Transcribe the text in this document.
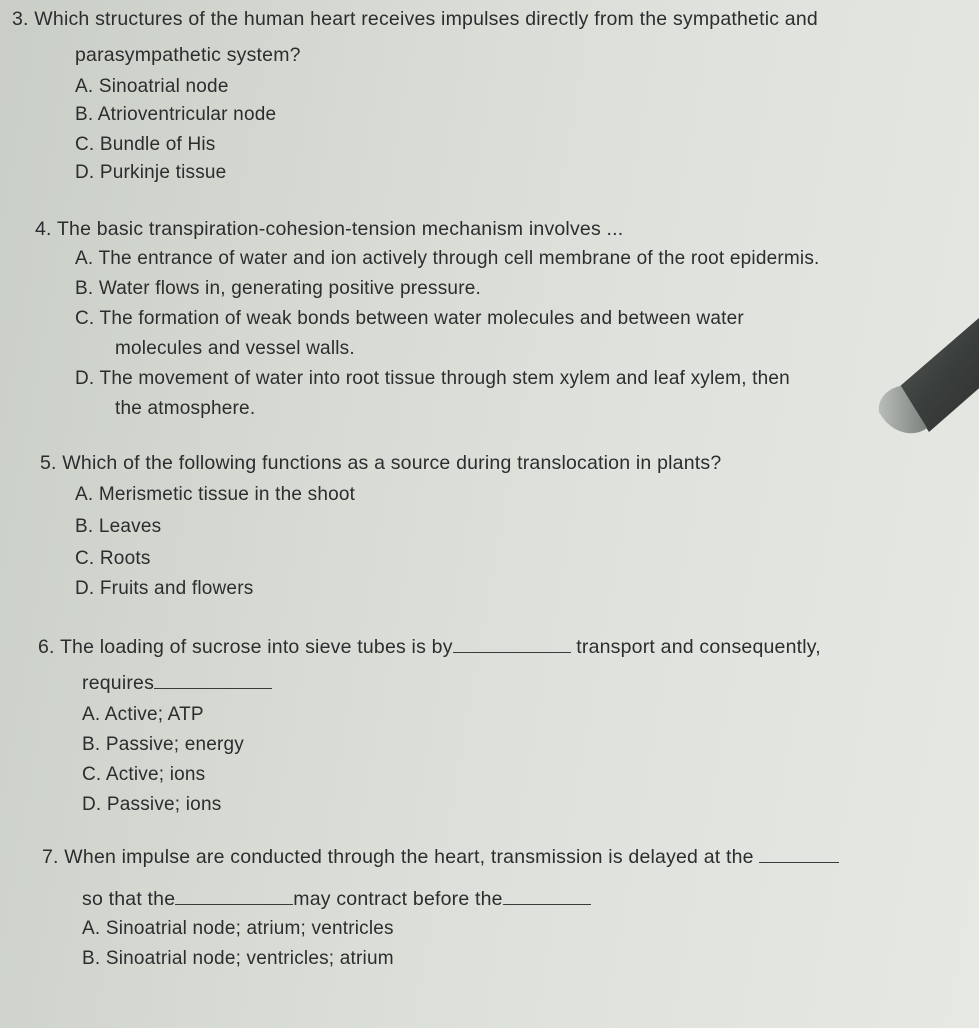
3. Which structures of the human heart receives impulses directly from the sympathetic and
parasympathetic system?
A. Sinoatrial node
B. Atrioventricular node
C. Bundle of His
D. Purkinje tissue
4. The basic transpiration-cohesion-tension mechanism involves ...
A. The entrance of water and ion actively through cell membrane of the root epidermis.
B. Water flows in, generating positive pressure.
C. The formation of weak bonds between water molecules and between water
molecules and vessel walls.
D. The movement of water into root tissue through stem xylem and leaf xylem, then
the atmosphere.
5. Which of the following functions as a source during translocation in plants?
A. Merismetic tissue in the shoot
B. Leaves
C. Roots
D. Fruits and flowers
6. The loading of sucrose into sieve tubes is by	transport and consequently,
requires
A. Active; ATP
B. Passive; energy
C. Active; ions
D. Passive; ions
7. When impulse are conducted through the heart, transmission is delayed at the
so that the	may contract before the
A. Sinoatrial node; atrium; ventricles
B. Sinoatrial node; ventricles; atrium
